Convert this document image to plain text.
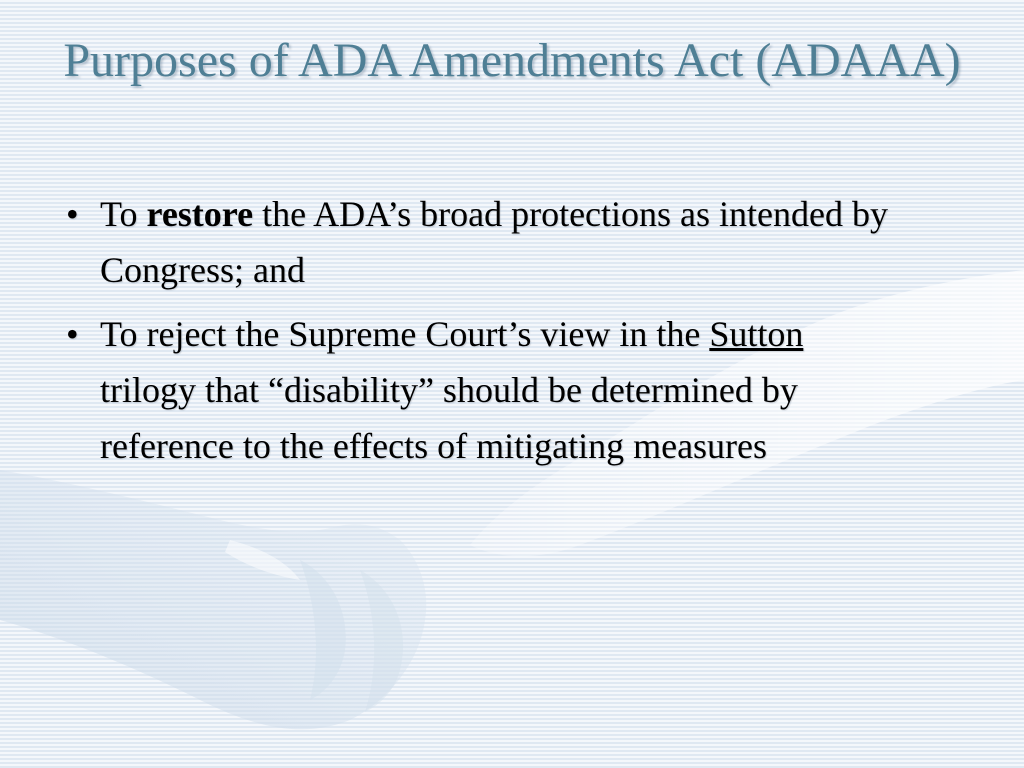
Purposes of ADA Amendments Act (ADAAA)
• To restore the ADA’s broad protections as intended by Congress; and
• To reject the Supreme Court’s view in the Sutton trilogy that “disability” should be determined by reference to the effects of mitigating measures
